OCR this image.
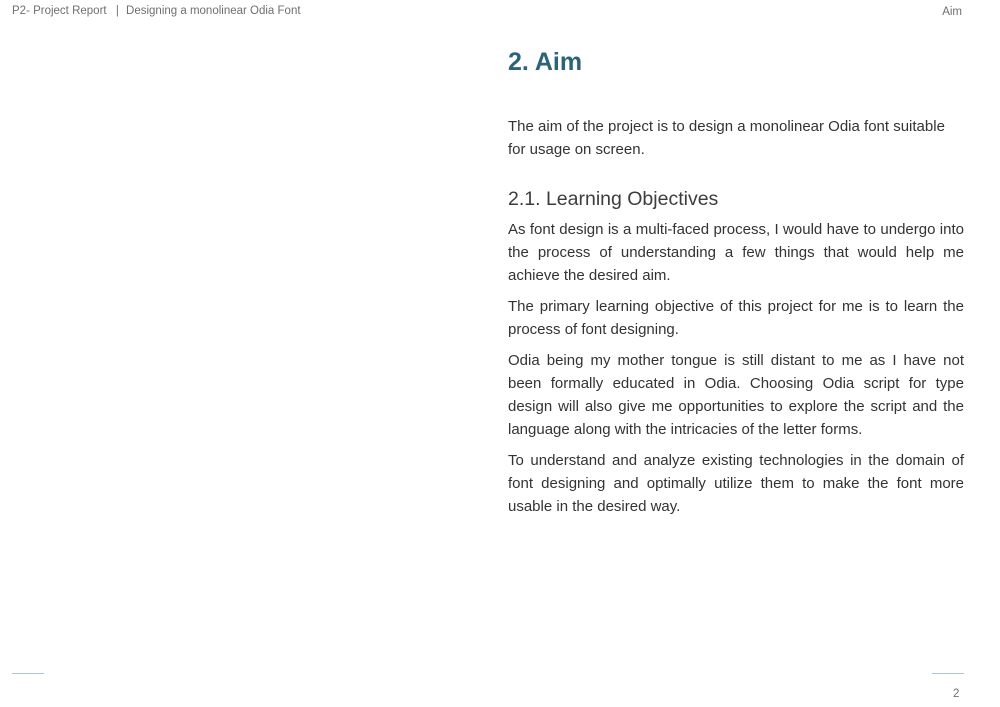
P2- Project Report | Designing a monolinear Odia Font	Aim
2. Aim

The aim of the project is to design a monolinear Odia font suitable for usage on screen.

2.1. Learning Objectives

As font design is a multi-faced process, I would have to undergo into the process of understanding a few things that would help me achieve the desired aim.

The primary learning objective of this project for me is to learn the process of font designing.

Odia being my mother tongue is still distant to me as I have not been formally educated in Odia. Choosing Odia script for type design will also give me opportunities to explore the script and the language along with the intricacies of the letter forms.

To understand and analyze existing technologies in the domain of font designing and optimally utilize them to make the font more usable in the desired way.

2
